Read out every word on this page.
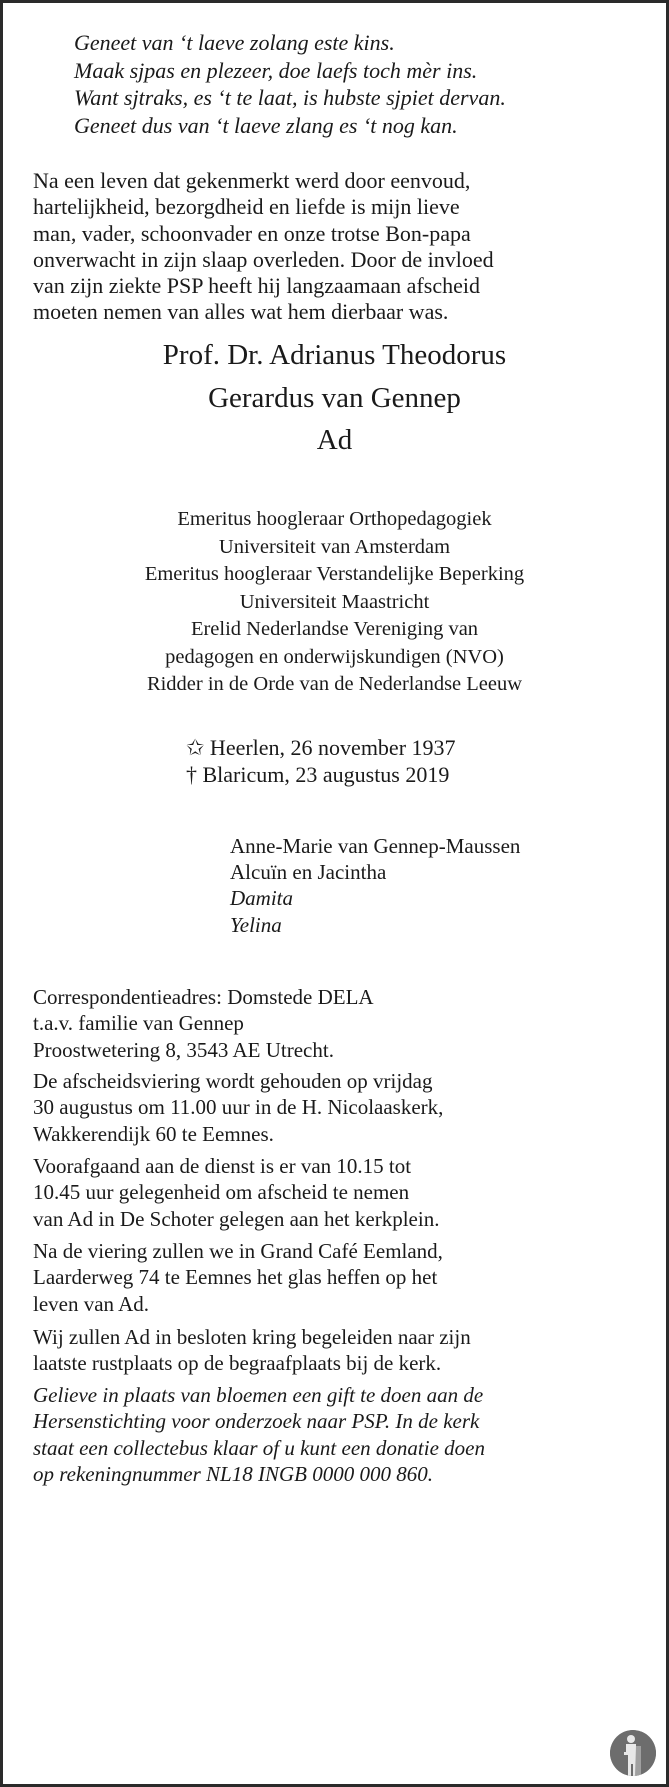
Geneet van ‘t laeve zolang este kins.
Maak sjpas en plezeer, doe laefs toch mèr ins.
Want sjtraks, es ‘t te laat, is hubste sjpiet dervan.
Geneet dus van ‘t laeve zlang es ‘t nog kan.
Na een leven dat gekenmerkt werd door eenvoud,
hartelijkheid, bezorgdheid en liefde is mijn lieve
man, vader, schoonvader en onze trotse Bon-papa
onverwacht in zijn slaap overleden. Door de invloed
van zijn ziekte PSP heeft hij langzaamaan afscheid
moeten nemen van alles wat hem dierbaar was.
Prof. Dr. Adrianus Theodorus
Gerardus van Gennep
Ad
Emeritus hoogleraar Orthopedagogiek
Universiteit van Amsterdam
Emeritus hoogleraar Verstandelijke Beperking
Universiteit Maastricht
Erelid Nederlandse Vereniging van
pedagogen en onderwijskundigen (NVO)
Ridder in de Orde van de Nederlandse Leeuw
✩ Heerlen, 26 november 1937
† Blaricum, 23 augustus 2019
Anne-Marie van Gennep-Maussen
Alcuïn en Jacintha
Damita
Yelina
Correspondentieadres: Domstede DELA
t.a.v. familie van Gennep
Proostwetering 8, 3543 AE Utrecht.
De afscheidsviering wordt gehouden op vrijdag
30 augustus om 11.00 uur in de H. Nicolaaskerk,
Wakkerendijk 60 te Eemnes.
Voorafgaand aan de dienst is er van 10.15 tot
10.45 uur gelegenheid om afscheid te nemen
van Ad in De Schoter gelegen aan het kerkplein.
Na de viering zullen we in Grand Café Eemland,
Laarderweg 74 te Eemnes het glas heffen op het
leven van Ad.
Wij zullen Ad in besloten kring begeleiden naar zijn
laatste rustplaats op de begraafplaats bij de kerk.
Gelieve in plaats van bloemen een gift te doen aan de
Hersenstichting voor onderzoek naar PSP. In de kerk
staat een collectebus klaar of u kunt een donatie doen
op rekeningnummer NL18 INGB 0000 000 860.
